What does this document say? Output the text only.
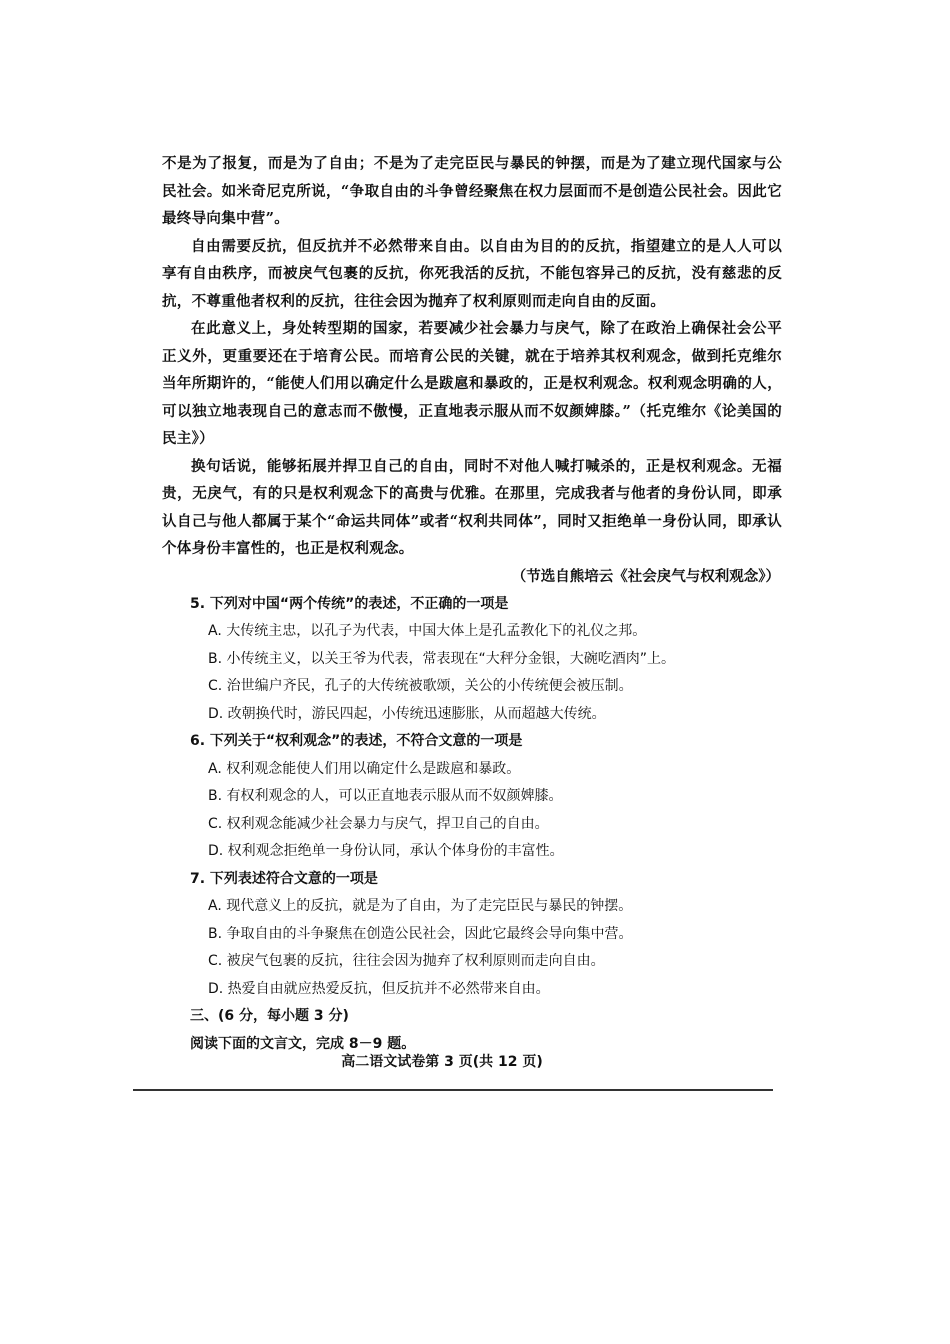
不是为了报复，而是为了自由；不是为了走完臣民与暴民的钟摆，而是为了建立现代国家与公民社会。如米奇尼克所说，“争取自由的斗争曾经聚焦在权力层面而不是创造公民社会。因此它最终导向集中营”。

自由需要反抗，但反抗并不必然带来自由。以自由为目的的反抗，指望建立的是人人可以享有自由秩序，而被戾气包裹的反抗，你死我活的反抗，不能包容异己的反抗，没有慈悲的反抗，不尊重他者权利的反抗，往往会因为抛弃了权利原则而走向自由的反面。

在此意义上，身处转型期的国家，若要减少社会暴力与戾气，除了在政治上确保社会公平正义外，更重要还在于培育公民。而培育公民的关键，就在于培养其权利观念，做到托克维尔当年所期许的，“能使人们用以确定什么是跋扈和暴政的，正是权利观念。权利观念明确的人，可以独立地表现自己的意志而不傲慢，正直地表示服从而不奴颜婢膝。”（托克维尔《论美国的民主》）

换句话说，能够拓展并捍卫自己的自由，同时不对他人喊打喊杀的，正是权利观念。无福贵，无戾气，有的只是权利观念下的高贵与优雅。在那里，完成我者与他者的身份认同，即承认自己与他人都属于某个“命运共同体”或者“权利共同体”，同时又拒绝单一身份认同，即承认个体身份丰富性的，也正是权利观念。

（节选自熊培云《社会戾气与权利观念》）

5. 下列对中国“两个传统”的表述，不正确的一项是

A. 大传统主忠，以孔子为代表，中国大体上是孔孟教化下的礼仪之邦。

B. 小传统主义，以关王爷为代表，常表现在“大秤分金银，大碗吃酒肉”上。

C. 治世编户齐民，孔子的大传统被歌颂，关公的小传统便会被压制。

D. 改朝换代时，游民四起，小传统迅速膨胀，从而超越大传统。

6. 下列关于“权利观念”的表述，不符合文意的一项是

A. 权利观念能使人们用以确定什么是跋扈和暴政。

B. 有权利观念的人，可以正直地表示服从而不奴颜婢膝。

C. 权利观念能减少社会暴力与戾气，捍卫自己的自由。

D. 权利观念拒绝单一身份认同，承认个体身份的丰富性。

7. 下列表述符合文意的一项是

A. 现代意义上的反抗，就是为了自由，为了走完臣民与暴民的钟摆。

B. 争取自由的斗争聚焦在创造公民社会，因此它最终会导向集中营。

C. 被戾气包裹的反抗，往往会因为抛弃了权利原则而走向自由。

D. 热爱自由就应热爱反抗，但反抗并不必然带来自由。

三、(6 分，每小题 3 分)

阅读下面的文言文，完成 8－9 题。

高二语文试卷第 3 页(共 12 页)
